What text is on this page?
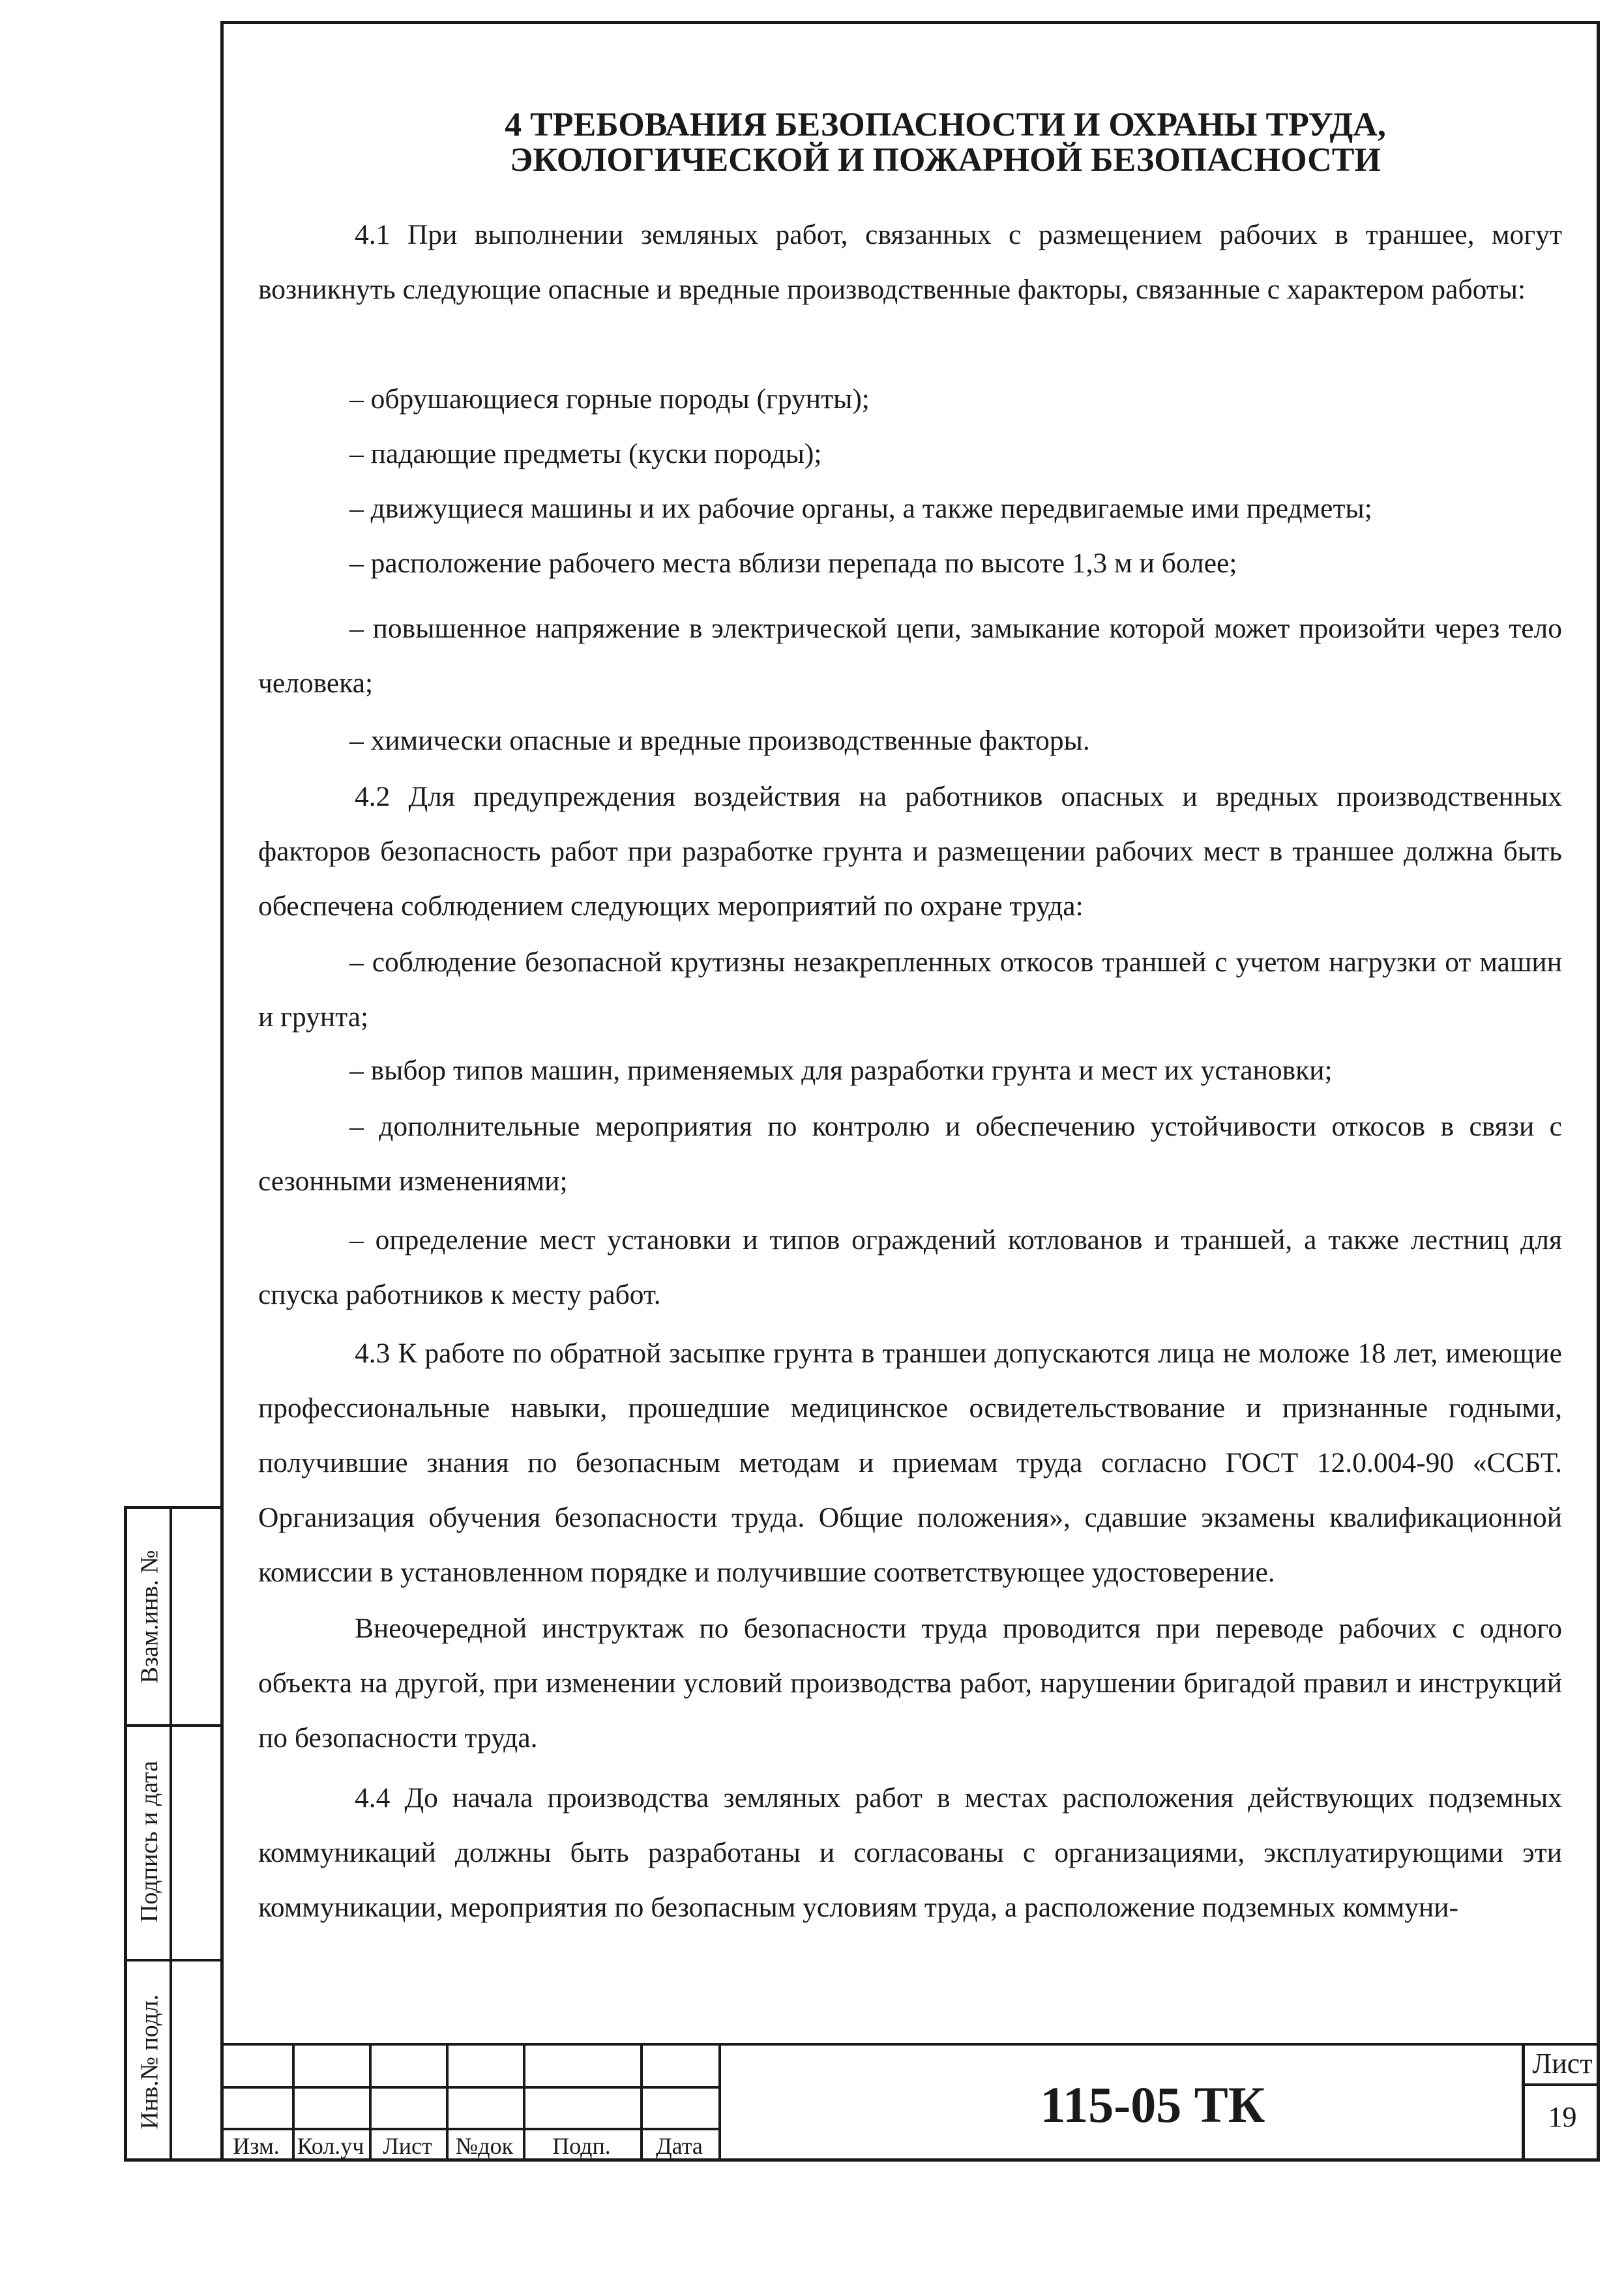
Взам.инв. №
Подпись и дата
Инв.№ подл.
4 ТРЕБОВАНИЯ БЕЗОПАСНОСТИ И ОХРАНЫ ТРУДА,
ЭКОЛОГИЧЕСКОЙ И ПОЖАРНОЙ БЕЗОПАСНОСТИ
4.1 При выполнении земляных работ, связанных с размещением рабочих в траншее, могут возникнуть следующие опасные и вредные производственные факторы, связанные с характером работы:
– обрушающиеся горные породы (грунты);
– падающие предметы (куски породы);
– движущиеся машины и их рабочие органы, а также передвигаемые ими предметы;
– расположение рабочего места вблизи перепада по высоте 1,3 м и более;
– повышенное напряжение в электрической цепи, замыкание которой может произойти через тело человека;
– химически опасные и вредные производственные факторы.
4.2 Для предупреждения воздействия на работников опасных и вредных производственных факторов безопасность работ при разработке грунта и размещении рабочих мест в траншее должна быть обеспечена соблюдением следующих мероприятий по охране труда:
– соблюдение безопасной крутизны незакрепленных откосов траншей с учетом нагрузки от машин и грунта;
– выбор типов машин, применяемых для разработки грунта и мест их установки;
– дополнительные мероприятия по контролю и обеспечению устойчивости откосов в связи с сезонными изменениями;
– определение мест установки и типов ограждений котлованов и траншей, а также лестниц для спуска работников к месту работ.
4.3 К работе по обратной засыпке грунта в траншеи допускаются лица не моложе 18 лет, имеющие профессиональные навыки, прошедшие медицинское освидетельствование и признанные годными, получившие знания по безопасным методам и приемам труда согласно ГОСТ 12.0.004-90 «ССБТ. Организация обучения безопасности труда. Общие положения», сдавшие экзамены квалификационной комиссии в установленном порядке и получившие соответствующее удостоверение.
Внеочередной инструктаж по безопасности труда проводится при переводе рабочих с одного объекта на другой, при изменении условий производства работ, нарушении бригадой правил и инструкций по безопасности труда.
4.4 До начала производства земляных работ в местах расположения действующих подземных коммуникаций должны быть разработаны и согласованы с организациями, эксплуатирующими эти коммуникации, мероприятия по безопасным условиям труда, а расположение подземных коммуни-
Изм. Кол.уч Лист	№док	Подп.	Дата
115-05 ТК
Лист
19
